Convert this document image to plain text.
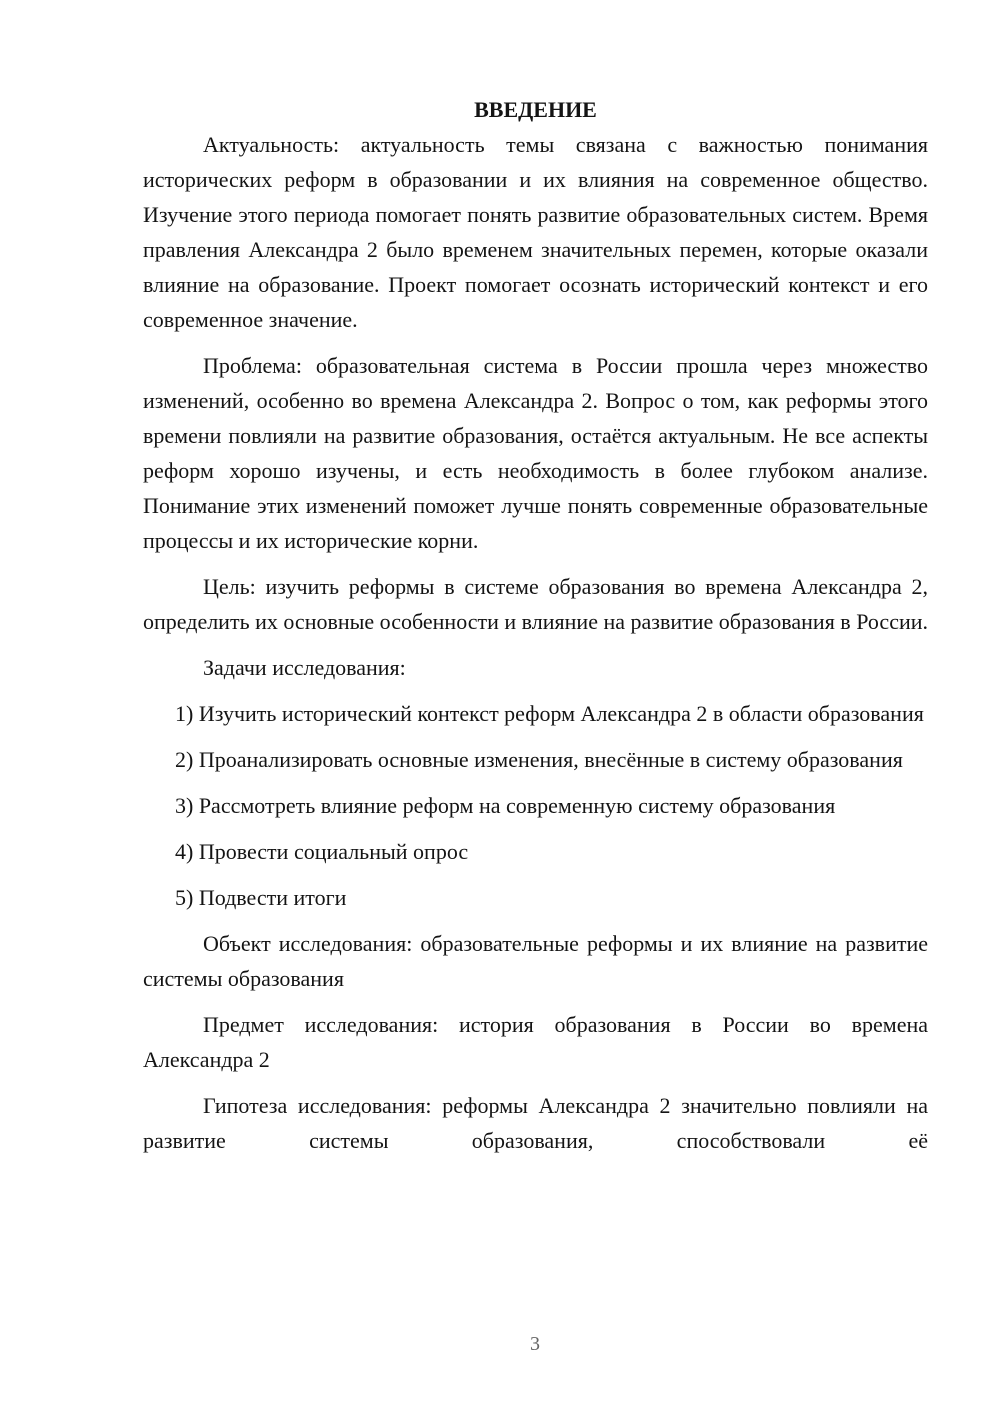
ВВЕДЕНИЕ

Актуальность: актуальность темы связана с важностью понимания исторических реформ в образовании и их влияния на современное общество. Изучение этого периода помогает понять развитие образовательных систем. Время правления Александра 2 было временем значительных перемен, которые оказали влияние на образование. Проект помогает осознать исторический контекст и его современное значение.

Проблема: образовательная система в России прошла через множество изменений, особенно во времена Александра 2. Вопрос о том, как реформы этого времени повлияли на развитие образования, остаётся актуальным. Не все аспекты реформ хорошо изучены, и есть необходимость в более глубоком анализе. Понимание этих изменений поможет лучше понять современные образовательные процессы и их исторические корни.

Цель: изучить реформы в системе образования во времена Александра 2, определить их основные особенности и влияние на развитие образования в России.

Задачи исследования:

1) Изучить исторический контекст реформ Александра 2 в области образования

2) Проанализировать основные изменения, внесённые в систему образования

3) Рассмотреть влияние реформ на современную систему образования

4) Провести социальный опрос

5) Подвести итоги

Объект исследования: образовательные реформы и их влияние на развитие системы образования

Предмет исследования: история образования в России во времена Александра 2

Гипотеза исследования: реформы Александра 2 значительно повлияли на развитие системы образования, способствовали её

3
